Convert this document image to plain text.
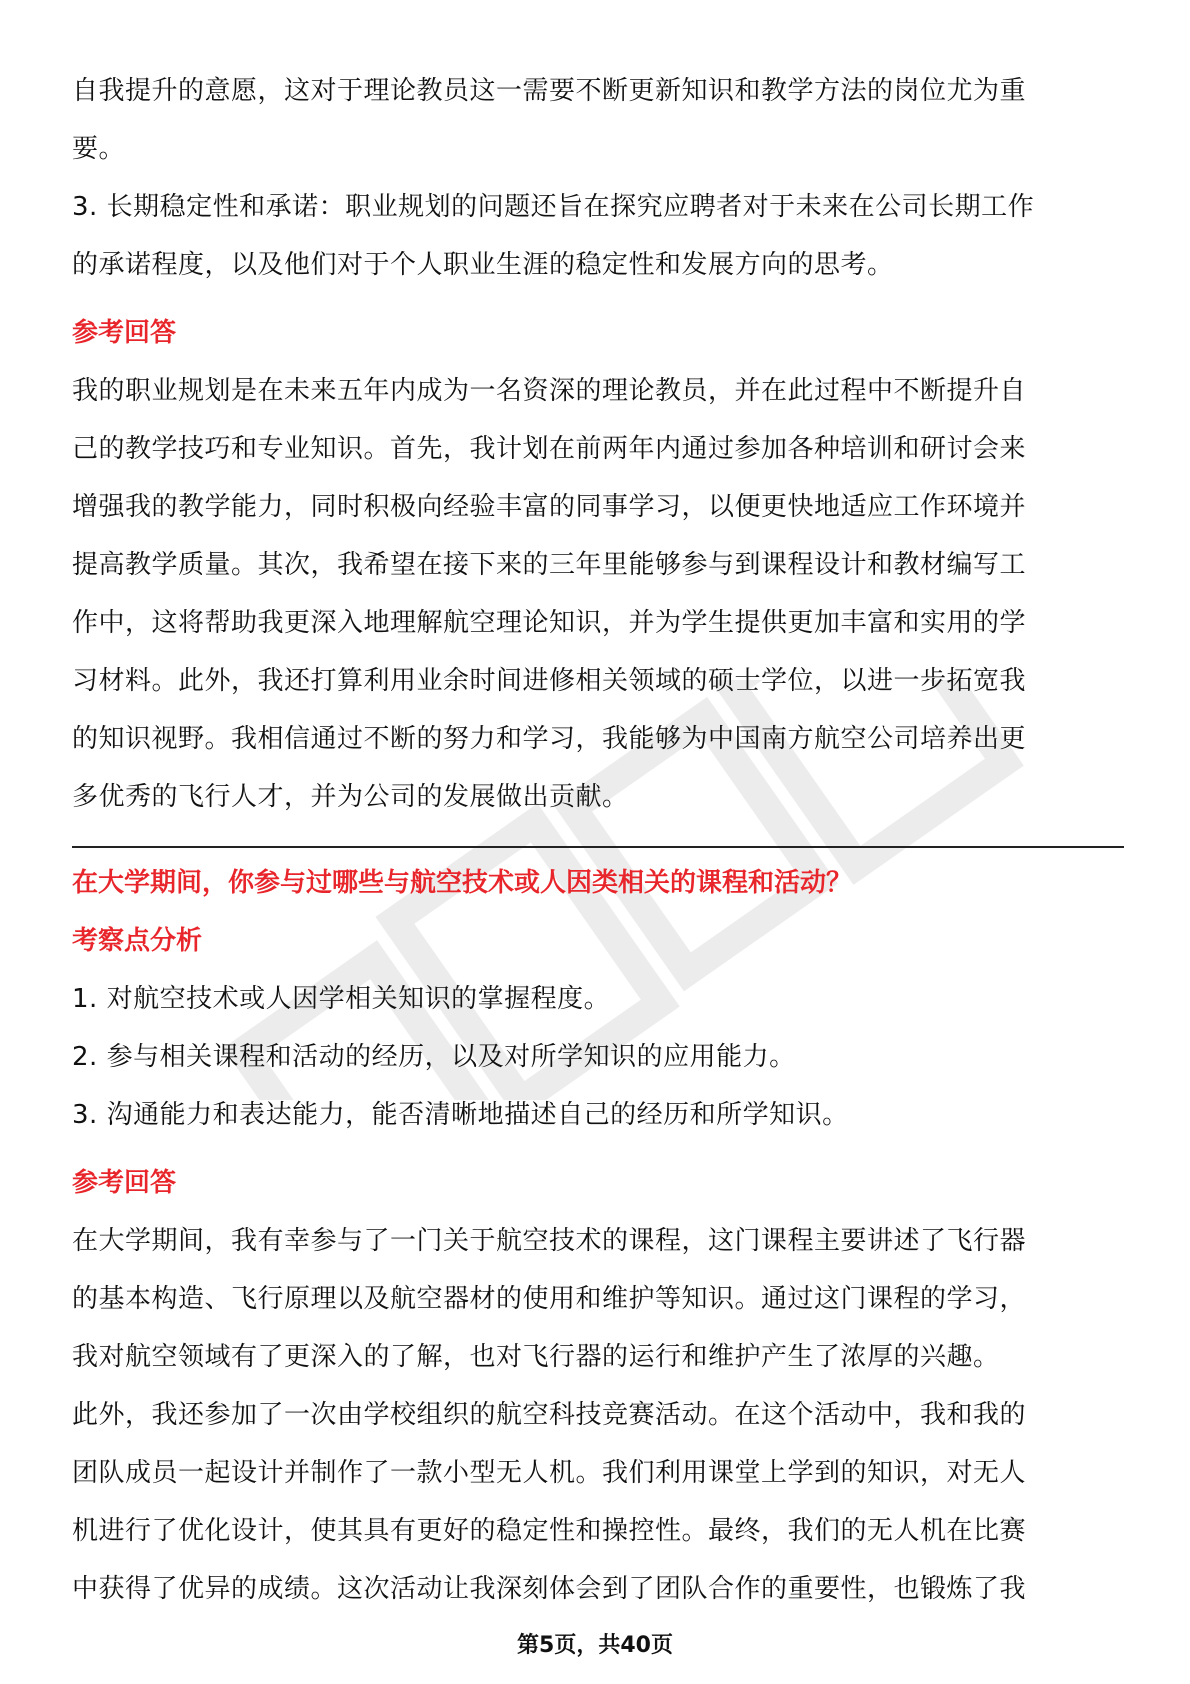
自我提升的意愿，这对于理论教员这一需要不断更新知识和教学方法的岗位尤为重

要。

3. 长期稳定性和承诺：职业规划的问题还旨在探究应聘者对于未来在公司长期工作

的承诺程度，以及他们对于个人职业生涯的稳定性和发展方向的思考。

参考回答

我的职业规划是在未来五年内成为一名资深的理论教员，并在此过程中不断提升自

己的教学技巧和专业知识。首先，我计划在前两年内通过参加各种培训和研讨会来

增强我的教学能力，同时积极向经验丰富的同事学习，以便更快地适应工作环境并

提高教学质量。其次，我希望在接下来的三年里能够参与到课程设计和教材编写工

作中，这将帮助我更深入地理解航空理论知识，并为学生提供更加丰富和实用的学

习材料。此外，我还打算利用业余时间进修相关领域的硕士学位，以进一步拓宽我

的知识视野。我相信通过不断的努力和学习，我能够为中国南方航空公司培养出更

多优秀的飞行人才，并为公司的发展做出贡献。

在大学期间，你参与过哪些与航空技术或人因类相关的课程和活动？

考察点分析

1. 对航空技术或人因学相关知识的掌握程度。

2. 参与相关课程和活动的经历，以及对所学知识的应用能力。

3. 沟通能力和表达能力，能否清晰地描述自己的经历和所学知识。

参考回答

在大学期间，我有幸参与了一门关于航空技术的课程，这门课程主要讲述了飞行器

的基本构造、飞行原理以及航空器材的使用和维护等知识。通过这门课程的学习，

我对航空领域有了更深入的了解，也对飞行器的运行和维护产生了浓厚的兴趣。

此外，我还参加了一次由学校组织的航空科技竞赛活动。在这个活动中，我和我的

团队成员一起设计并制作了一款小型无人机。我们利用课堂上学到的知识，对无人

机进行了优化设计，使其具有更好的稳定性和操控性。最终，我们的无人机在比赛

中获得了优异的成绩。这次活动让我深刻体会到了团队合作的重要性，也锻炼了我

第5页，共40页
